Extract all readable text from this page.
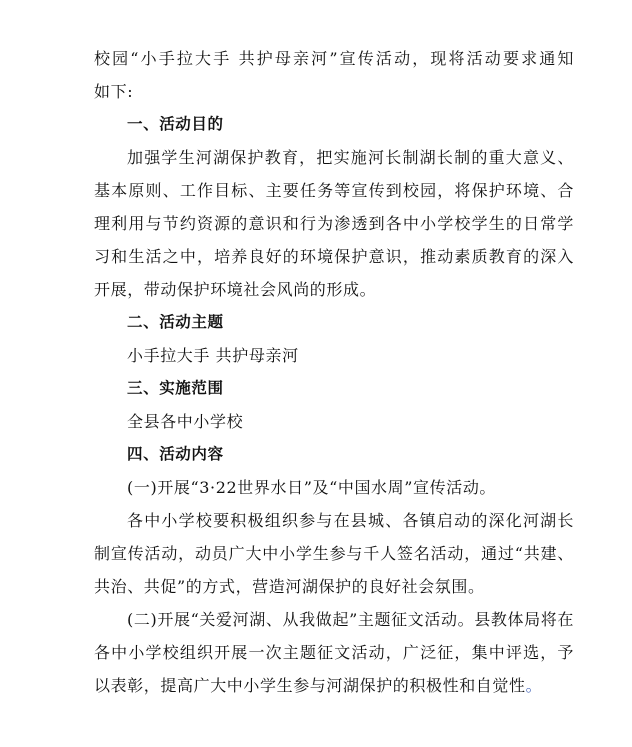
校园“小手拉大手 共护母亲河”宣传活动，现将活动要求通知
如下:
一、活动目的
加强学生河湖保护教育，把实施河长制湖长制的重大意义、基本原则、工作目标、主要任务等宣传到校园，将保护环境、合理利用与节约资源的意识和行为渗透到各中小学校学生的日常学习和生活之中，培养良好的环境保护意识，推动素质教育的深入开展，带动保护环境社会风尚的形成。
二、活动主题
小手拉大手 共护母亲河
三、实施范围
全县各中小学校
四、活动内容
(一)开展“3·22世界水日”及“中国水周”宣传活动。
各中小学校要积极组织参与在县城、各镇启动的深化河湖长制宣传活动，动员广大中小学生参与千人签名活动，通过“共建、共治、共促”的方式，营造河湖保护的良好社会氛围。
(二)开展“关爱河湖、从我做起”主题征文活动。县教体局将在各中小学校组织开展一次主题征文活动，广泛征，集中评选，予以表彰，提高广大中小学生参与河湖保护的积极性和自觉性。
